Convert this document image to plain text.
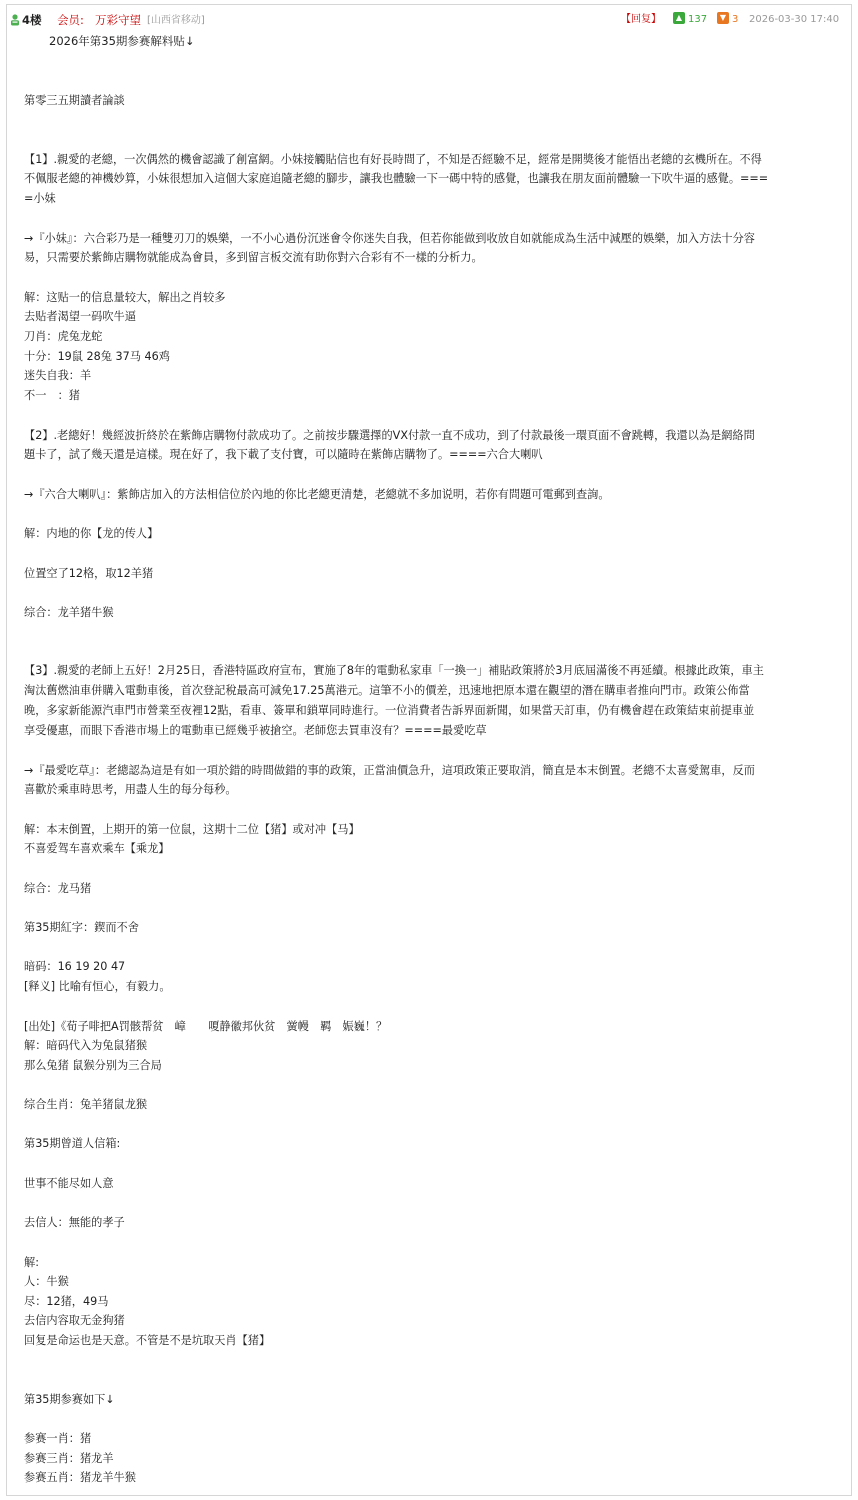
4楼 会员: 万彩守望 [山西省移动]	【回复】	▲ 137	▼ 3 2026-03-30 17:40
2026年第35期参赛解料贴↓
第零三五期讀者論談
【1】.親愛的老總，一次偶然的機會認識了創富網。小妹接觸貼信也有好長時間了，不知是否經驗不足，經常是開獎後才能悟出老總的玄機所在。不得
不佩服老總的神機妙算，小妹很想加入這個大家庭追隨老總的腳步，讓我也體驗一下一碼中特的感覺，也讓我在朋友面前體驗一下吹牛逼的感覺。===
=小妹
→『小妹』：六合彩乃是一種雙刃刀的娛樂，一不小心過份沉迷會令你迷失自我，但若你能做到收放自如就能成為生活中減壓的娛樂，加入方法十分容
易，只需要於紫飾店購物就能成為會員，多到留言板交流有助你對六合彩有不一樣的分析力。
解：这贴一的信息量较大，解出之肖较多
去贴者渴望一码吹牛逼
刀肖：虎兔龙蛇
十分：19鼠 28兔 37马 46鸡
迷失自我：羊
不一　：猪
【2】.老總好！幾經波折終於在紫飾店購物付款成功了。之前按步驟選擇的VX付款一直不成功，到了付款最後一環頁面不會跳轉，我還以為是網絡問
題卡了，試了幾天還是這樣。現在好了，我下載了支付寶，可以隨時在紫飾店購物了。====六合大喇叭
→『六合大喇叭』：紫飾店加入的方法相信位於內地的你比老總更清楚，老總就不多加说明，若你有問題可電郵到查詢。
解：内地的你【龙的传人】
位置空了12格，取12羊猪
综合：龙羊猪牛猴
【3】.親愛的老師上五好！2月25日，香港特區政府宣布，實施了8年的電動私家車「一換一」補貼政策將於3月底屆滿後不再延續。根據此政策，車主
淘汰舊燃油車併購入電動車後，首次登記稅最高可減免17.25萬港元。這筆不小的價差，迅速地把原本還在觀望的潛在購車者推向門市。政策公佈當
晚，多家新能源汽車門市營業至夜裡12點，看車、簽單和鎖單同時進行。一位消費者告訴界面新聞，如果當天訂車，仍有機會趕在政策結束前提車並
享受優惠，而眼下香港市場上的電動車已經幾乎被搶空。老師您去買車沒有？====最愛吃草
→『最愛吃草』：老總認為這是有如一項於錯的時間做錯的事的政策，正當油價急升，這項政策正要取消，簡直是本末倒置。老總不太喜愛駕車，反而
喜歡於乘車時思考，用盡人生的每分每秒。
解：本末倒置，上期开的第一位鼠，这期十二位【猪】或对冲【马】
不喜爱驾车喜欢乘车【乘龙】
综合：龙马猪
第35期紅字：鍥而不舍
暗码：16 19 20 47
[释义] 比喻有恒心，有毅力。
[出处]《荀子啡把A罚骸帮贫　嶂　　嗄静徽邦伙贫　黉幔　羁　娠巍！？
解：暗码代入为兔鼠猪猴
那么兔猪 鼠猴分别为三合局
综合生肖：兔羊猪鼠龙猴
第35期曾道人信箱:
世事不能尽如人意
去信人：無能的孝子
解:
人：牛猴
尽：12猪，49马
去信内容取无金狗猪
回复是命运也是天意。不管是不是坑取天肖【猪】
第35期参赛如下↓
参赛一肖：猪
参赛三肖：猪龙羊
参赛五肖：猪龙羊牛猴
